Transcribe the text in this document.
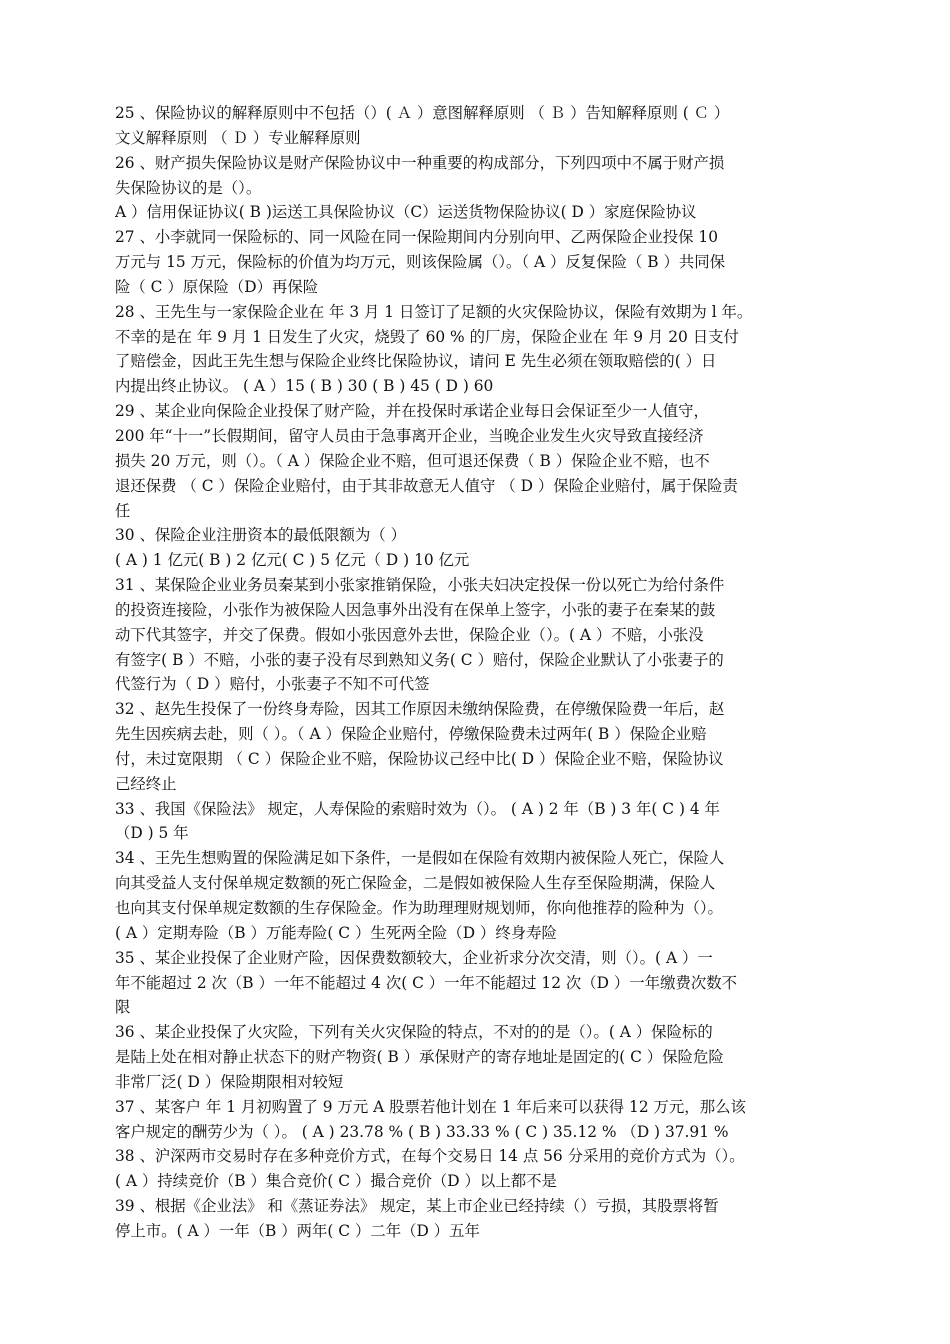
25 、保险协议的解释原则中不包括（）( Ａ ）意图解释原则 （ Ｂ ）告知解释原则 ( Ｃ ）
文义解释原则 （ Ｄ ）专业解释原则
26 、财产损失保险协议是财产保险协议中一种重要的构成部分，下列四项中不属于财产损
失保险协议的是（）。
A ）信用保证协议( B )运送工具保险协议（C）运送货物保险协议( D ）家庭保险协议
27 、小李就同一保险标的、同一风险在同一保险期间内分别向甲、乙两保险企业投保 10
万元与 15 万元，保险标的价值为均万元，则该保险属（）。（ A ）反复保险（ B ）共同保
险（ C ）原保险（D）再保险
28 、王先生与一家保险企业在 年 3 月 1 日签订了足额的火灾保险协议，保险有效期为 l 年。
不幸的是在 年 9 月 1 日发生了火灾，烧毁了 60 % 的厂房，保险企业在 年 9 月 20 日支付
了赔偿金，因此王先生想与保险企业终比保险协议，请问 E 先生必须在领取赔偿的( ）日
内提出终止协议。 ( A ）15 ( B ) 30 ( B ) 45 ( D ) 60
29 、某企业向保险企业投保了财产险，并在投保时承诺企业每日会保证至少一人值守，
200 年“十一”长假期间，留守人员由于急事离开企业，当晚企业发生火灾导致直接经济
损失 20 万元，则（）。（ A ）保险企业不赔，但可退还保费（ B ）保险企业不赔，也不
退还保费 （ C ）保险企业赔付，由于其非故意无人值守 （ D ）保险企业赔付，属于保险责
任
30 、保险企业注册资本的最低限额为（ ）
( A ) 1 亿元( B ) 2 亿元( C ) 5 亿元（ D ) 10 亿元
31 、某保险企业业务员秦某到小张家推销保险，小张夫妇决定投保一份以死亡为给付条件
的投资连接险，小张作为被保险人因急事外出没有在保单上签字，小张的妻子在秦某的鼓
动下代其签字，并交了保费。假如小张因意外去世，保险企业（）。( A ）不赔，小张没
有签字( B ）不赔，小张的妻子没有尽到熟知义务( C ）赔付，保险企业默认了小张妻子的
代签行为（ D ）赔付，小张妻子不知不可代签
32 、赵先生投保了一份终身寿险，因其工作原因未缴纳保险费，在停缴保险费一年后，赵
先生因疾病去赴，则（ ）。（ A ）保险企业赔付，停缴保险费未过两年( B ）保险企业赔
付，未过宽限期 （ C ）保险企业不赔，保险协议己经中比( D ）保险企业不赔，保险协议
己经终止
33 、我国《保险法》 规定，人寿保险的索赔时效为（）。 ( A ) 2 年（B ) 3 年( C ) 4 年
（D ) 5 年
34 、王先生想购置的保险满足如下条件，一是假如在保险有效期内被保险人死亡，保险人
向其受益人支付保单规定数额的死亡保险金，二是假如被保险人生存至保险期满，保险人
也向其支付保单规定数额的生存保险金。作为助理理财规划师，你向他推荐的险种为（）。
( A ）定期寿险（B ）万能寿险( C ）生死两全险（D ）终身寿险
35 、某企业投保了企业财产险，因保费数额较大，企业祈求分次交清，则（）。( A ）一
年不能超过 2 次（B ）一年不能超过 4 次( C ）一年不能超过 12 次（D ）一年缴费次数不
限
36 、某企业投保了火灾险，下列有关火灾保险的特点，不对的的是（）。( A ）保险标的
是陆上处在相对静止状态下的财产物资( B ）承保财产的寄存地址是固定的( C ）保险危险
非常厂泛( D ）保险期限相对较短
37 、某客户 年 1 月初购置了 9 万元 A 股票若他计划在 1 年后来可以获得 12 万元，那么该
客户规定的酬劳少为（ ）。 ( A ) 23.78 % ( B ) 33.33 % ( C ) 35.12 % （D ) 37.91 %
38 、沪深两市交易时存在多种竞价方式，在每个交易日 14 点 56 分采用的竞价方式为（）。
( A ）持续竞价（B ）集合竞价( C ）撮合竞价（D ）以上都不是
39 、根据《企业法》 和《蒸证券法》 规定，某上市企业已经持续（）亏损，其股票将暂
停上市。( A ）一年（B ）两年( C ）二年（D ）五年
